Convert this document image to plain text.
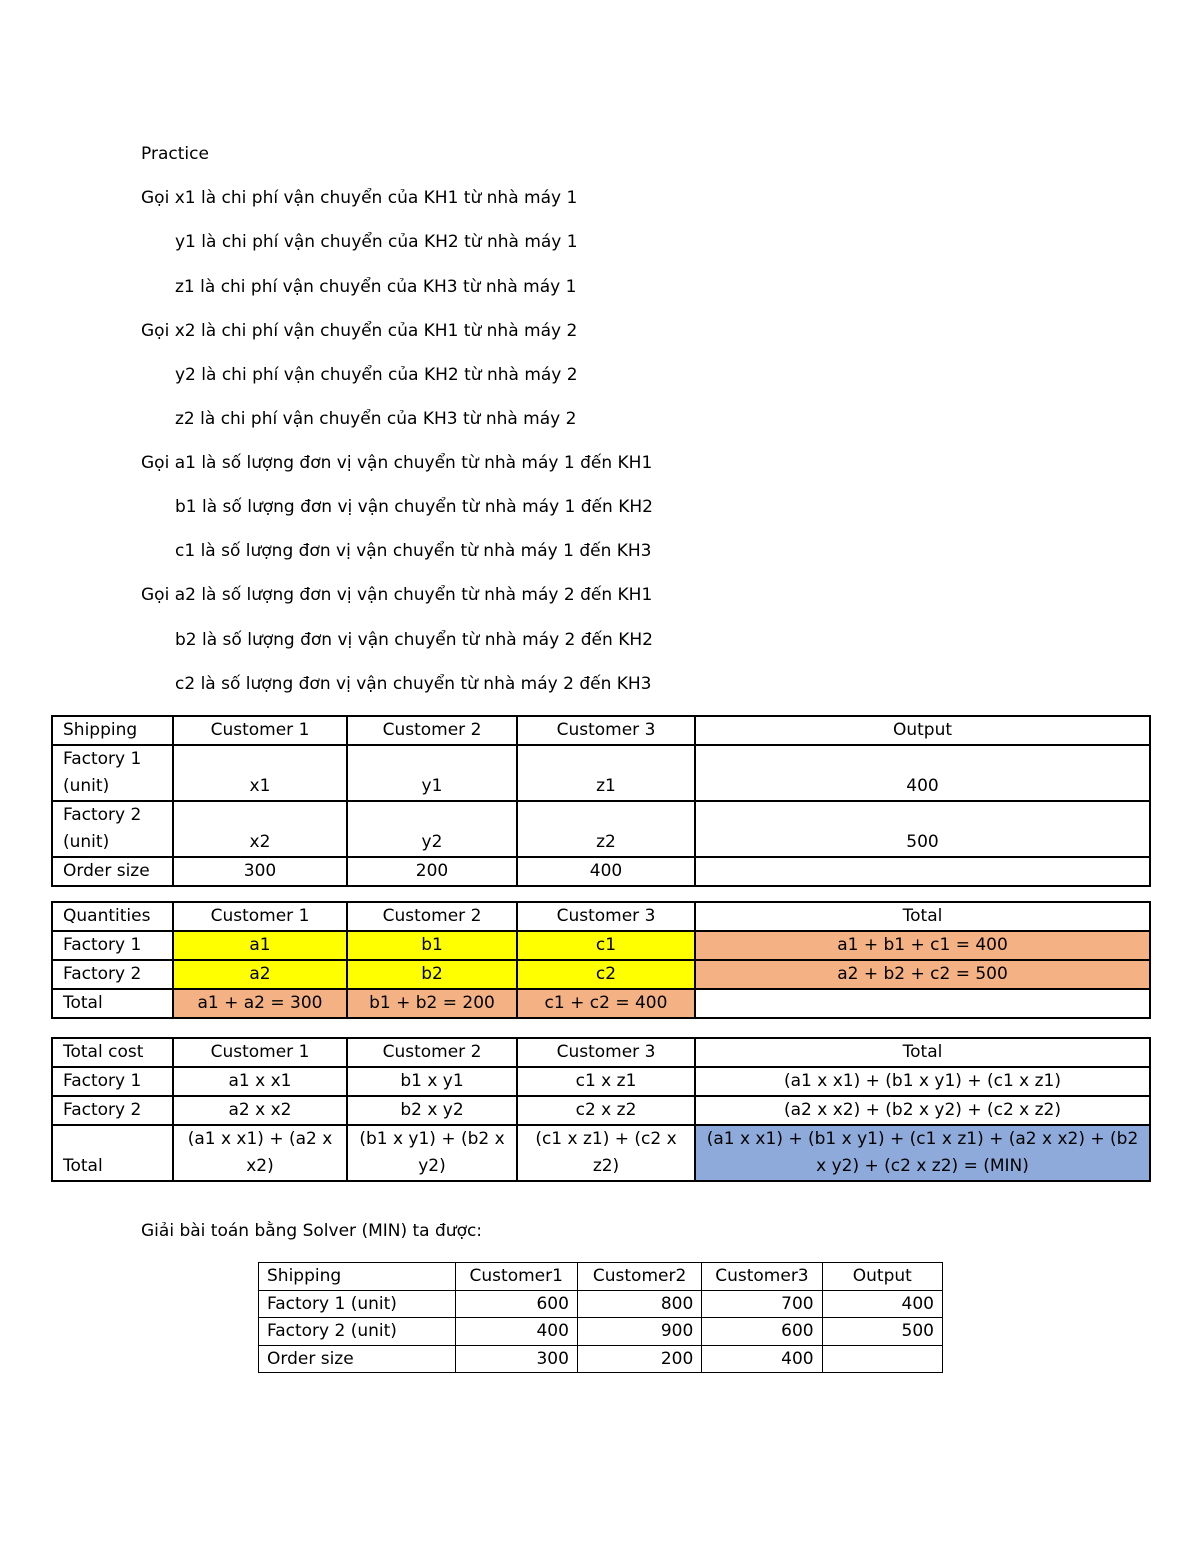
Practice
Gọi x1 là chi phí vận chuyển của KH1 từ nhà máy 1
y1 là chi phí vận chuyển của KH2 từ nhà máy 1
z1 là chi phí vận chuyển của KH3 từ nhà máy 1
Gọi x2 là chi phí vận chuyển của KH1 từ nhà máy 2
y2 là chi phí vận chuyển của KH2 từ nhà máy 2
z2 là chi phí vận chuyển của KH3 từ nhà máy 2
Gọi a1 là số lượng đơn vị vận chuyển từ nhà máy 1 đến KH1
b1 là số lượng đơn vị vận chuyển từ nhà máy 1 đến KH2
c1 là số lượng đơn vị vận chuyển từ nhà máy 1 đến KH3
Gọi a2 là số lượng đơn vị vận chuyển từ nhà máy 2 đến KH1
b2 là số lượng đơn vị vận chuyển từ nhà máy 2 đến KH2
c2 là số lượng đơn vị vận chuyển từ nhà máy 2 đến KH3
Shipping	Customer 1	Customer 2	Customer 3	Output
Factory 1 (unit)	x1	y1	z1	400
Factory 2 (unit)	x2	y2	z2	500
Order size	300	200	400	
Quantities	Customer 1	Customer 2	Customer 3	Total
Factory 1	a1	b1	c1	a1 + b1 + c1 = 400
Factory 2	a2	b2	c2	a2 + b2 + c2 = 500
Total	a1 + a2 = 300	b1 + b2 = 200	c1 + c2 = 400	
Total cost	Customer 1	Customer 2	Customer 3	Total
Factory 1	a1 x x1	b1 x y1	c1 x z1	(a1 x x1) + (b1 x y1) + (c1 x z1)
Factory 2	a2 x x2	b2 x y2	c2 x z2	(a2 x x2) + (b2 x y2) + (c2 x z2)
Total	(a1 x x1) + (a2 x x2)	(b1 x y1) + (b2 x y2)	(c1 x z1) + (c2 x z2)	(a1 x x1) + (b1 x y1) + (c1 x z1) + (a2 x x2) + (b2 x y2) + (c2 x z2) = (MIN)
Giải bài toán bằng Solver (MIN) ta được:
Shipping	Customer1	Customer2	Customer3	Output
Factory 1 (unit)	600	800	700	400
Factory 2 (unit)	400	900	600	500
Order size	300	200	400	
